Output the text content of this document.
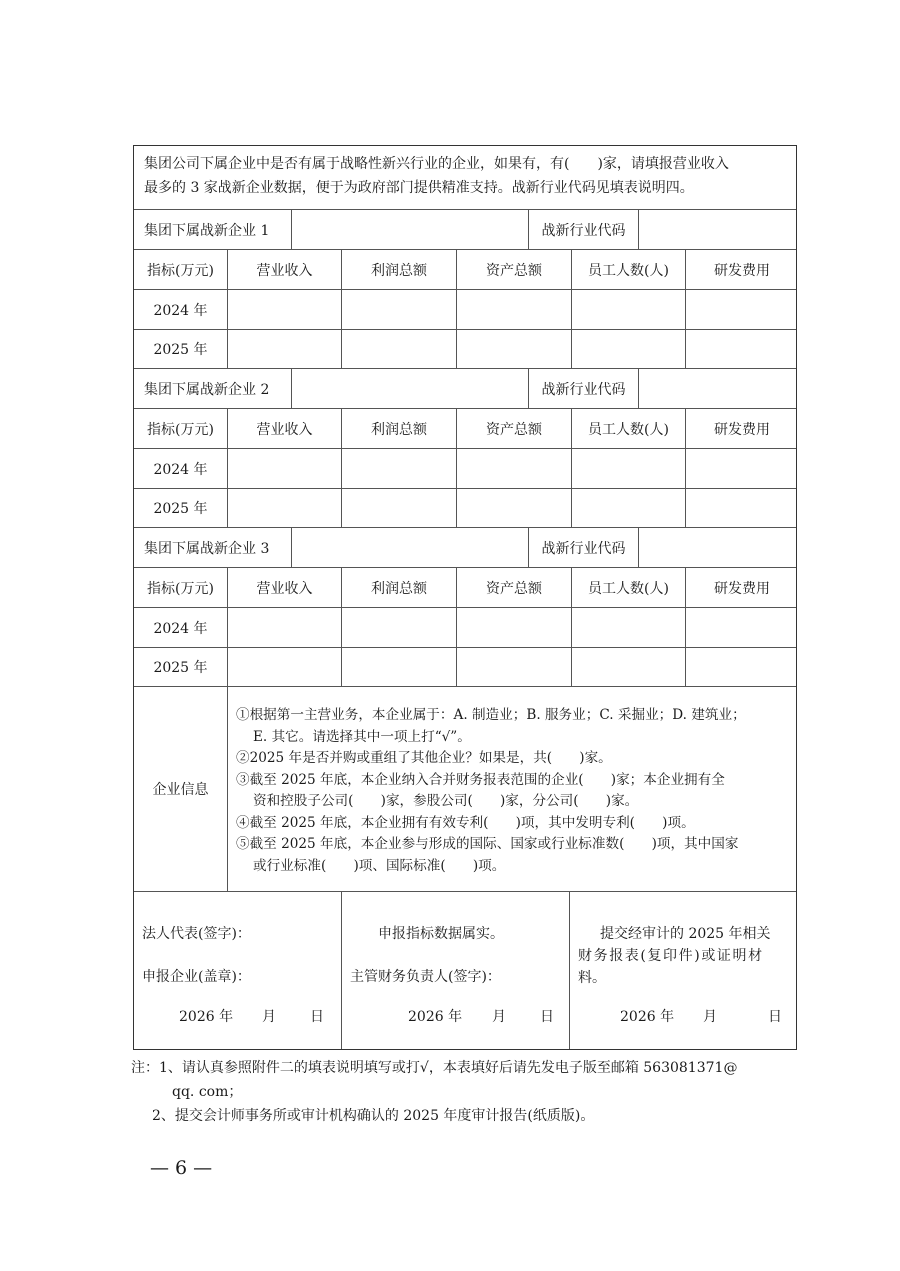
集团公司下属企业中是否有属于战略性新兴行业的企业，如果有，有(　　)家，请填报营业收入
最多的 3 家战新企业数据，便于为政府部门提供精准支持。战新行业代码见填表说明四。
集团下属战新企业 1	战新行业代码
指标(万元)	营业收入	利润总额	资产总额	员工人数(人)	研发费用
2024 年
2025 年
集团下属战新企业 2	战新行业代码
指标(万元)	营业收入	利润总额	资产总额	员工人数(人)	研发费用
2024 年
2025 年
集团下属战新企业 3	战新行业代码
指标(万元)	营业收入	利润总额	资产总额	员工人数(人)	研发费用
2024 年
2025 年
企业信息

①根据第一主营业务，本企业属于：A. 制造业；B. 服务业；C. 采掘业；D. 建筑业；

E. 其它。请选择其中一项上打“√”。

②2025 年是否并购或重组了其他企业？如果是，共(　　)家。

③截至 2025 年底，本企业纳入合并财务报表范围的企业(　　)家；本企业拥有全

资和控股子公司(　　)家，参股公司(　　)家，分公司(　　)家。

④截至 2025 年底，本企业拥有有效专利(　　)项，其中发明专利(　　)项。

⑤截至 2025 年底，本企业参与形成的国际、国家或行业标准数(　　)项，其中国家

或行业标准(　　)项、国际标准(　　)项。

法人代表(签字)：
申报企业(盖章)：
2026 年 月 日
申报指标数据属实。
主管财务负责人(签字)：
2026 年 月 日
提交经审计的 2025 年相关
财务报表(复印件)或证明材
料。
2026 年 月	日
注：1、请认真参照附件二的填表说明填写或打√，本表填好后请先发电子版至邮箱 563081371@
qq. com；
2、提交会计师事务所或审计机构确认的 2025 年度审计报告(纸质版)。
— 6 —
